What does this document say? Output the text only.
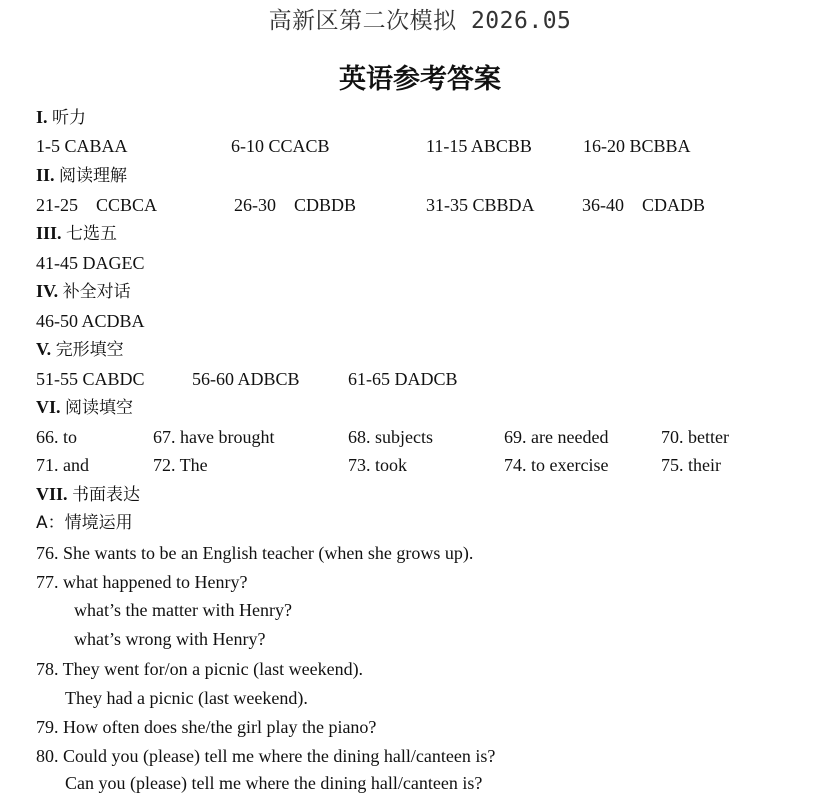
高新区第二次模拟 2026.05
英语参考答案
I. 听力
1-5 CABAA	6-10 CCACB	11-15 ABCBB	16-20 BCBBA
II. 阅读理解
21-25    CCBCA	26-30    CDBDB	31-35 CBBDA	36-40    CDADB
III. 七选五
41-45 DAGEC
IV. 补全对话
46-50 ACDBA
V. 完形填空
51-55 CABDC	56-60 ADBCB	61-65 DADCB
VI. 阅读填空
66. to	67. have brought	68. subjects	69. are needed	70. better
71. and	72. The	73. took	74. to exercise	75. their
VII. 书面表达
A：情境运用
76. She wants to be an English teacher (when she grows up).
77. what happened to Henry?
what’s the matter with Henry?
what’s wrong with Henry?
78. They went for/on a picnic (last weekend).
They had a picnic (last weekend).
79. How often does she/the girl play the piano?
80. Could you (please) tell me where the dining hall/canteen is?
Can you (please) tell me where the dining hall/canteen is?
